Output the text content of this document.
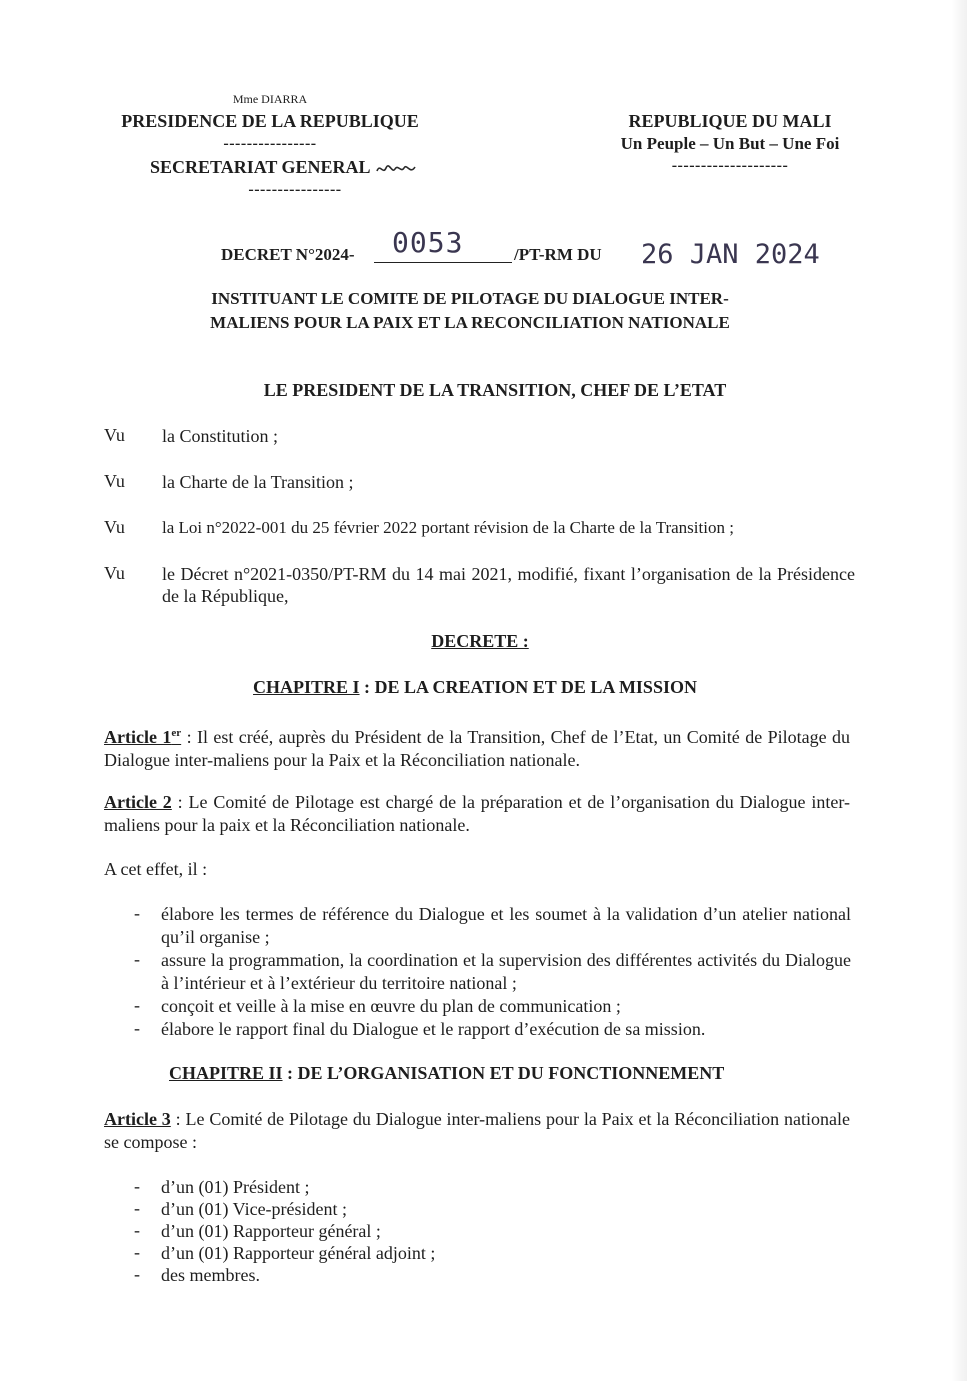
Mme DIARRA
PRESIDENCE DE LA REPUBLIQUE
----------------
SECRETARIAT GENERAL
----------------
REPUBLIQUE DU MALI
Un Peuple – Un But – Une Foi
--------------------
DECRET N°2024- 0053	/PT-RM DU 26 JAN 2024
INSTITUANT LE COMITE DE PILOTAGE DU DIALOGUE INTER-
MALIENS POUR LA PAIX ET LA RECONCILIATION NATIONALE
LE PRESIDENT DE LA TRANSITION, CHEF DE L’ETAT
Vu la Constitution ;
Vu la Charte de la Transition ;
Vu la Loi n°2022-001 du 25 février 2022 portant révision de la Charte de la Transition ;
Vu le Décret n°2021-0350/PT-RM du 14 mai 2021, modifié, fixant l’organisation de la Présidence de la République,
DECRETE :
CHAPITRE I : DE LA CREATION ET DE LA MISSION
Article 1er : Il est créé, auprès du Président de la Transition, Chef de l’Etat, un Comité de Pilotage du Dialogue inter-maliens pour la Paix et la Réconciliation nationale.
Article 2 : Le Comité de Pilotage est chargé de la préparation et de l’organisation du Dialogue inter-maliens pour la paix et la Réconciliation nationale.
A cet effet, il :
- élabore les termes de référence du Dialogue et les soumet à la validation d’un atelier national qu’il organise ;
- assure la programmation, la coordination et la supervision des différentes activités du Dialogue à l’intérieur et à l’extérieur du territoire national ;
- conçoit et veille à la mise en œuvre du plan de communication ;
- élabore le rapport final du Dialogue et le rapport d’exécution de sa mission.
CHAPITRE II : DE L’ORGANISATION ET DU FONCTIONNEMENT
Article 3 : Le Comité de Pilotage du Dialogue inter-maliens pour la Paix et la Réconciliation nationale se compose :
- d’un (01) Président ;
- d’un (01) Vice-président ;
- d’un (01) Rapporteur général ;
- d’un (01) Rapporteur général adjoint ;
- des membres.
